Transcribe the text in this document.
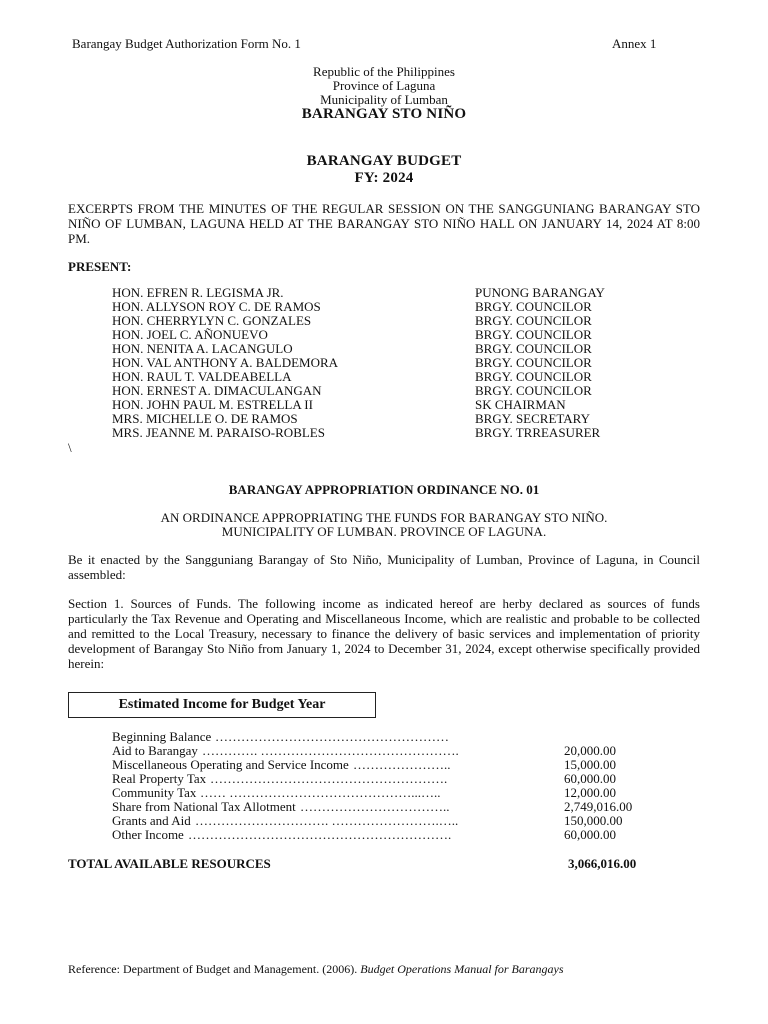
Barangay Budget Authorization Form No. 1	Annex 1

Republic of the Philippines

Province of Laguna

Municipality of Lumban

BARANGAY STO NIÑO

BARANGAY BUDGET

FY: 2024

EXCERPTS FROM THE MINUTES OF THE REGULAR SESSION ON THE SANGGUNIANG BARANGAY STO NIÑO OF LUMBAN, LAGUNA HELD AT THE BARANGAY STO NIÑO HALL ON JANUARY 14, 2024 AT 8:00 PM.

PRESENT:

HON. EFREN R. LEGISMA JR.	PUNONG BARANGAY
HON. ALLYSON ROY C. DE RAMOS	BRGY. COUNCILOR
HON. CHERRYLYN C. GONZALES	BRGY. COUNCILOR
HON. JOEL C. AÑONUEVO	BRGY. COUNCILOR
HON. NENITA A. LACANGULO	BRGY. COUNCILOR
HON. VAL ANTHONY A. BALDEMORA	BRGY. COUNCILOR
HON. RAUL T. VALDEABELLA	BRGY. COUNCILOR
HON. ERNEST A. DIMACULANGAN	BRGY. COUNCILOR
HON. JOHN PAUL M. ESTRELLA II	SK CHAIRMAN
MRS. MICHELLE O. DE RAMOS	BRGY. SECRETARY
MRS. JEANNE M. PARAISO-ROBLES	BRGY. TRREASURER

\

BARANGAY APPROPRIATION ORDINANCE NO. 01

AN ORDINANCE APPROPRIATING THE FUNDS FOR BARANGAY STO NIÑO.

MUNICIPALITY OF LUMBAN. PROVINCE OF LAGUNA.

Be it enacted by the Sangguniang Barangay of Sto Niño, Municipality of Lumban, Province of Laguna, in Council assembled:

Section 1. Sources of Funds. The following income as indicated hereof are herby declared as sources of funds particularly the Tax Revenue and Operating and Miscellaneous Income, which are realistic and probable to be collected and remitted to the Local Treasury, necessary to finance the delivery of basic services and implementation of priority development of Barangay Sto Niño from January 1, 2024 to December 31, 2024, except otherwise specifically provided herein:

Estimated Income for Budget Year
Beginning Balance ………………………………………………
Aid to Barangay …………. ……………………………………….	20,000.00
Miscellaneous Operating and Service Income …………………..	15,000.00
Real Property Tax ……………………………………………….	60,000.00
Community Tax …… ……………………………………...…..	12,000.00
Share from National Tax Allotment ……………………………..	2,749,016.00
Grants and Aid …………………………. …………………….…..	150,000.00
Other Income …………………………………………………….	60,000.00

TOTAL AVAILABLE RESOURCES	3,066,016.00

Reference: Department of Budget and Management. (2006). Budget Operations Manual for Barangays
